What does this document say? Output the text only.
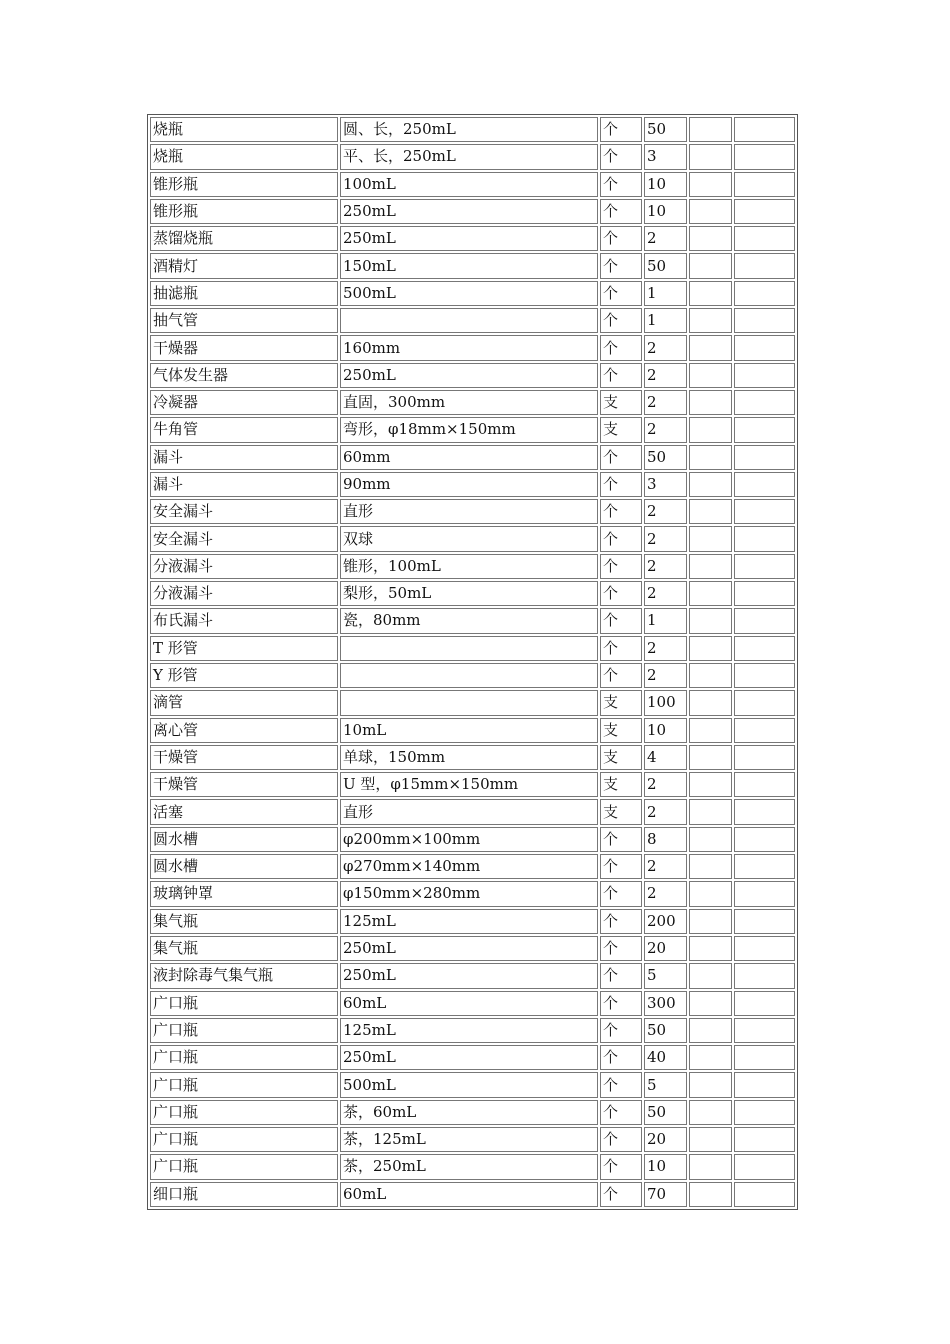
烧瓶	圆、长，250mL	个	50		
烧瓶	平、长，250mL	个	3		
锥形瓶	100mL	个	10		
锥形瓶	250mL	个	10		
蒸馏烧瓶	250mL	个	2		
酒精灯	150mL	个	50		
抽滤瓶	500mL	个	1		
抽气管		个	1		
干燥器	160mm	个	2		
气体发生器	250mL	个	2		
冷凝器	直固，300mm	支	2		
牛角管	弯形，φ18mm×150mm	支	2		
漏斗	60mm	个	50		
漏斗	90mm	个	3		
安全漏斗	直形	个	2		
安全漏斗	双球	个	2		
分液漏斗	锥形，100mL	个	2		
分液漏斗	梨形，50mL	个	2		
布氏漏斗	瓷，80mm	个	1		
T 形管		个	2		
Y 形管		个	2		
滴管		支	100		
离心管	10mL	支	10		
干燥管	单球，150mm	支	4		
干燥管	U 型，φ15mm×150mm	支	2		
活塞	直形	支	2		
圆水槽	φ200mm×100mm	个	8		
圆水槽	φ270mm×140mm	个	2		
玻璃钟罩	φ150mm×280mm	个	2		
集气瓶	125mL	个	200		
集气瓶	250mL	个	20		
液封除毒气集气瓶	250mL	个	5		
广口瓶	60mL	个	300		
广口瓶	125mL	个	50		
广口瓶	250mL	个	40		
广口瓶	500mL	个	5		
广口瓶	茶，60mL	个	50		
广口瓶	茶，125mL	个	20		
广口瓶	茶，250mL	个	10		
细口瓶	60mL	个	70		
